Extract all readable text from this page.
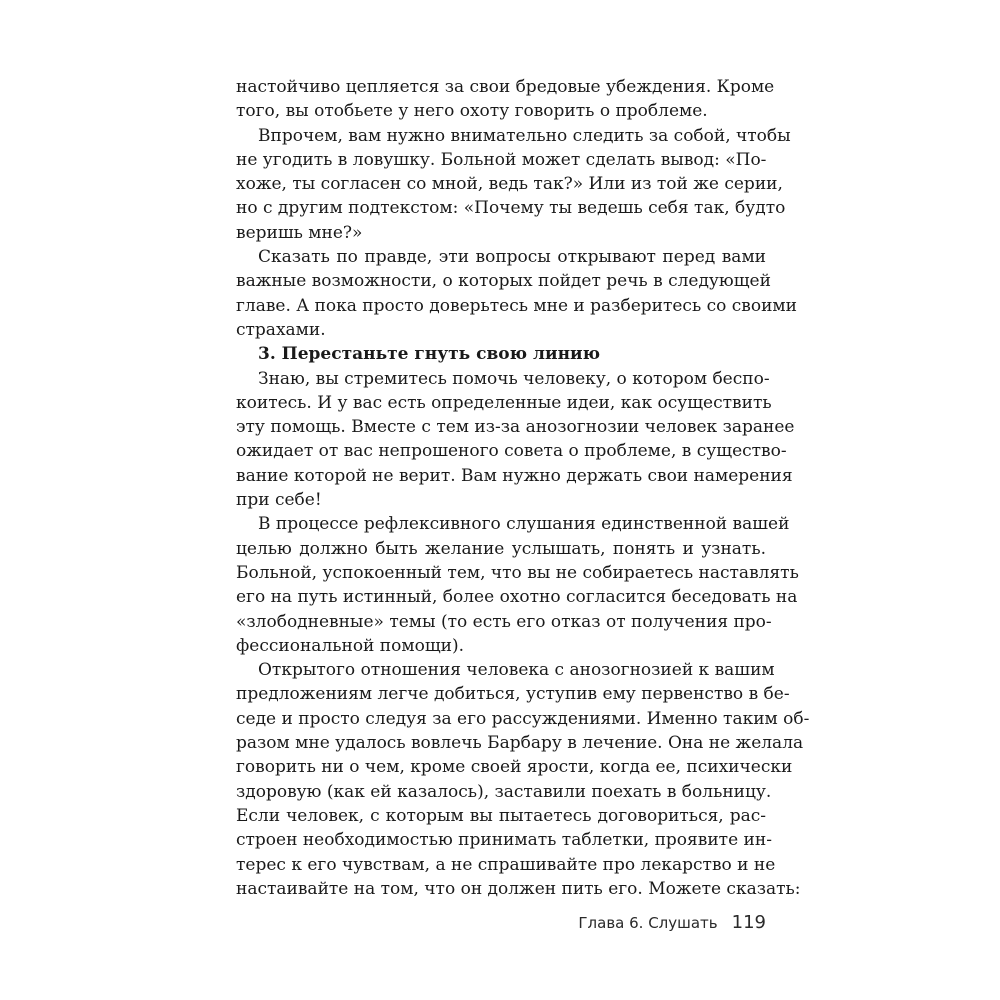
настойчиво цепляется за свои бредовые убеждения. Кроме
того, вы отобьете у него охоту говорить о проблеме.
Впрочем, вам нужно внимательно следить за собой, чтобы
не угодить в ловушку. Больной может сделать вывод: «По-
хоже, ты согласен со мной, ведь так?» Или из той же серии,
но с другим подтекстом: «Почему ты ведешь себя так, будто
веришь мне?»
Сказать по правде, эти вопросы открывают перед вами
важные возможности, о которых пойдет речь в следующей
главе. А пока просто доверьтесь мне и разберитесь со своими
страхами.
3. Перестаньте гнуть свою линию
Знаю, вы стремитесь помочь человеку, о котором беспо-
коитесь. И у вас есть определенные идеи, как осуществить
эту помощь. Вместе с тем из-за анозогнозии человек заранее
ожидает от вас непрошеного совета о проблеме, в существо-
вание которой не верит. Вам нужно держать свои намерения
при себе!
В процессе рефлексивного слушания единственной вашей
целью должно быть желание услышать, понять и узнать.
Больной, успокоенный тем, что вы не собираетесь наставлять
его на путь истинный, более охотно согласится беседовать на
«злободневные» темы (то есть его отказ от получения про-
фессиональной помощи).
Открытого отношения человека с анозогнозией к вашим
предложениям легче добиться, уступив ему первенство в бе-
седе и просто следуя за его рассуждениями. Именно таким об-
разом мне удалось вовлечь Барбару в лечение. Она не желала
говорить ни о чем, кроме своей ярости, когда ее, психически
здоровую (как ей казалось), заставили поехать в больницу.
Если человек, с которым вы пытаетесь договориться, рас-
строен необходимостью принимать таблетки, проявите ин-
терес к его чувствам, а не спрашивайте про лекарство и не
настаивайте на том, что он должен пить его. Можете сказать:
Глава 6. Слушать 119
